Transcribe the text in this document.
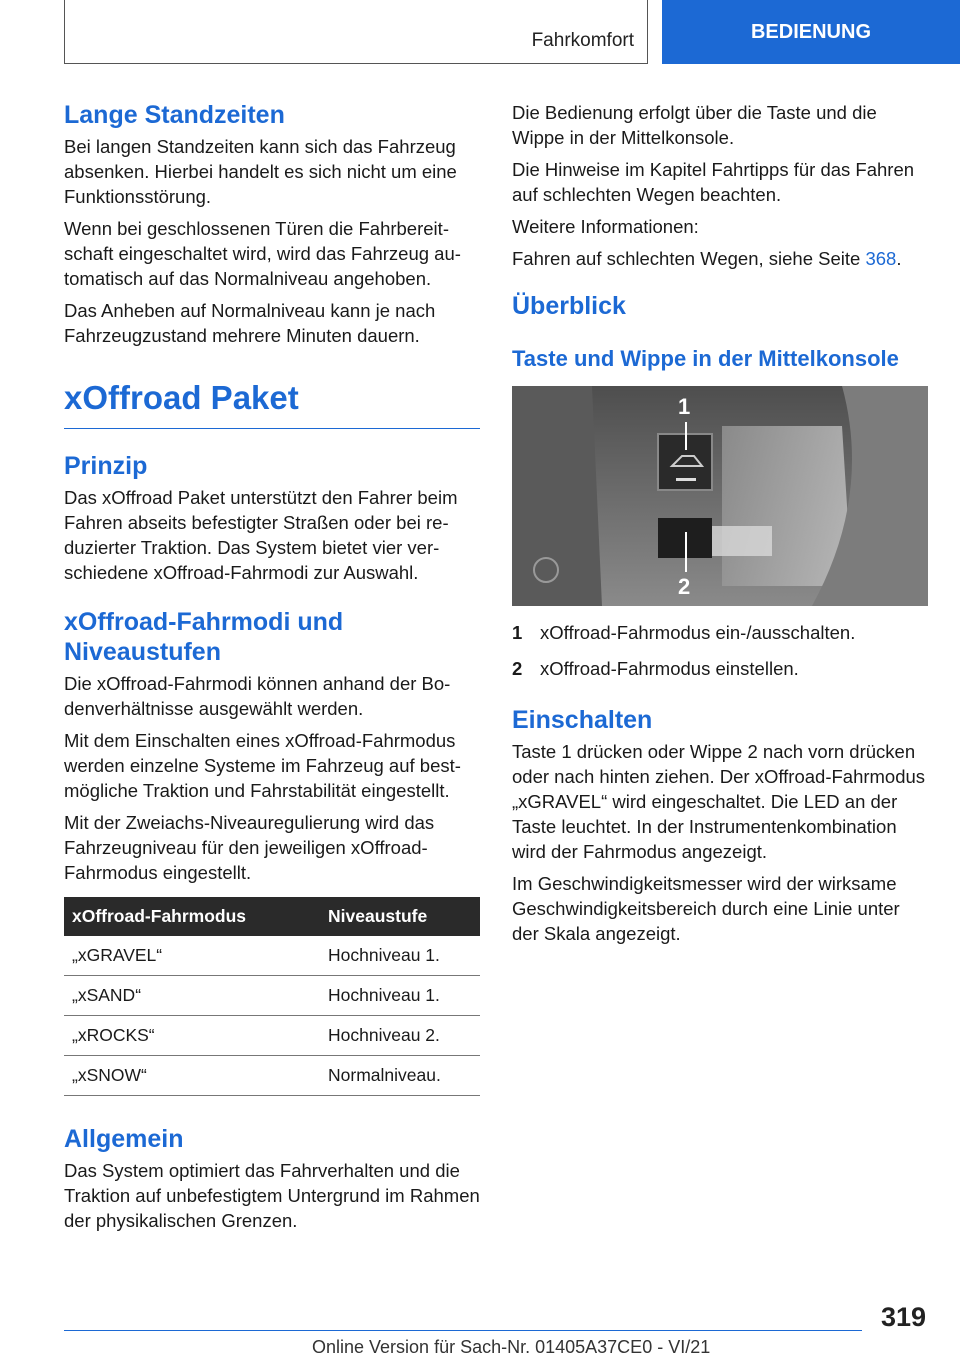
Fahrkomfort	BEDIENUNG
Lange Standzeiten

Bei langen Standzeiten kann sich das Fahrzeug absenken. Hierbei handelt es sich nicht um eine Funktionsstörung.

Wenn bei geschlossenen Türen die Fahrbereitschaft eingeschaltet wird, wird das Fahrzeug automatisch auf das Normalniveau angehoben.

Das Anheben auf Normalniveau kann je nach Fahrzeugzustand mehrere Minuten dauern.

xOffroad Paket
Prinzip

Das xOffroad Paket unterstützt den Fahrer beim Fahren abseits befestigter Straßen oder bei reduzierter Traktion. Das System bietet vier verschiedene xOffroad-Fahrmodi zur Auswahl.

xOffroad-Fahrmodi und Niveaustufen

Die xOffroad-Fahrmodi können anhand der Bodenverhältnisse ausgewählt werden.

Mit dem Einschalten eines xOffroad-Fahrmodus werden einzelne Systeme im Fahrzeug auf bestmögliche Traktion und Fahrstabilität eingestellt.

Mit der Zweiachs-Niveauregulierung wird das Fahrzeugniveau für den jeweiligen xOffroad-Fahrmodus eingestellt.

xOffroad-Fahrmodus	Niveaustufe
„xGRAVEL“	Hochniveau 1.
„xSAND“	Hochniveau 1.
„xROCKS“	Hochniveau 2.
„xSNOW“	Normalniveau.
Allgemein

Das System optimiert das Fahrverhalten und die Traktion auf unbefestigtem Untergrund im Rahmen der physikalischen Grenzen.

Die Bedienung erfolgt über die Taste und die Wippe in der Mittelkonsole.

Die Hinweise im Kapitel Fahrtipps für das Fahren auf schlechten Wegen beachten.

Weitere Informationen:

Fahren auf schlechten Wegen, siehe Seite 368.

Überblick
Taste und Wippe in der Mittelkonsole
1
2
1 xOffroad-Fahrmodus ein-/ausschalten.
2 xOffroad-Fahrmodus einstellen.
Einschalten

Taste 1 drücken oder Wippe 2 nach vorn drücken oder nach hinten ziehen. Der xOffroad-Fahrmodus „xGRAVEL“ wird eingeschaltet. Die LED an der Taste leuchtet. In der Instrumentenkombination wird der Fahrmodus angezeigt.

Im Geschwindigkeitsmesser wird der wirksame Geschwindigkeitsbereich durch eine Linie unter der Skala angezeigt.

319
Online Version für Sach-Nr. 01405A37CE0 - VI/21
